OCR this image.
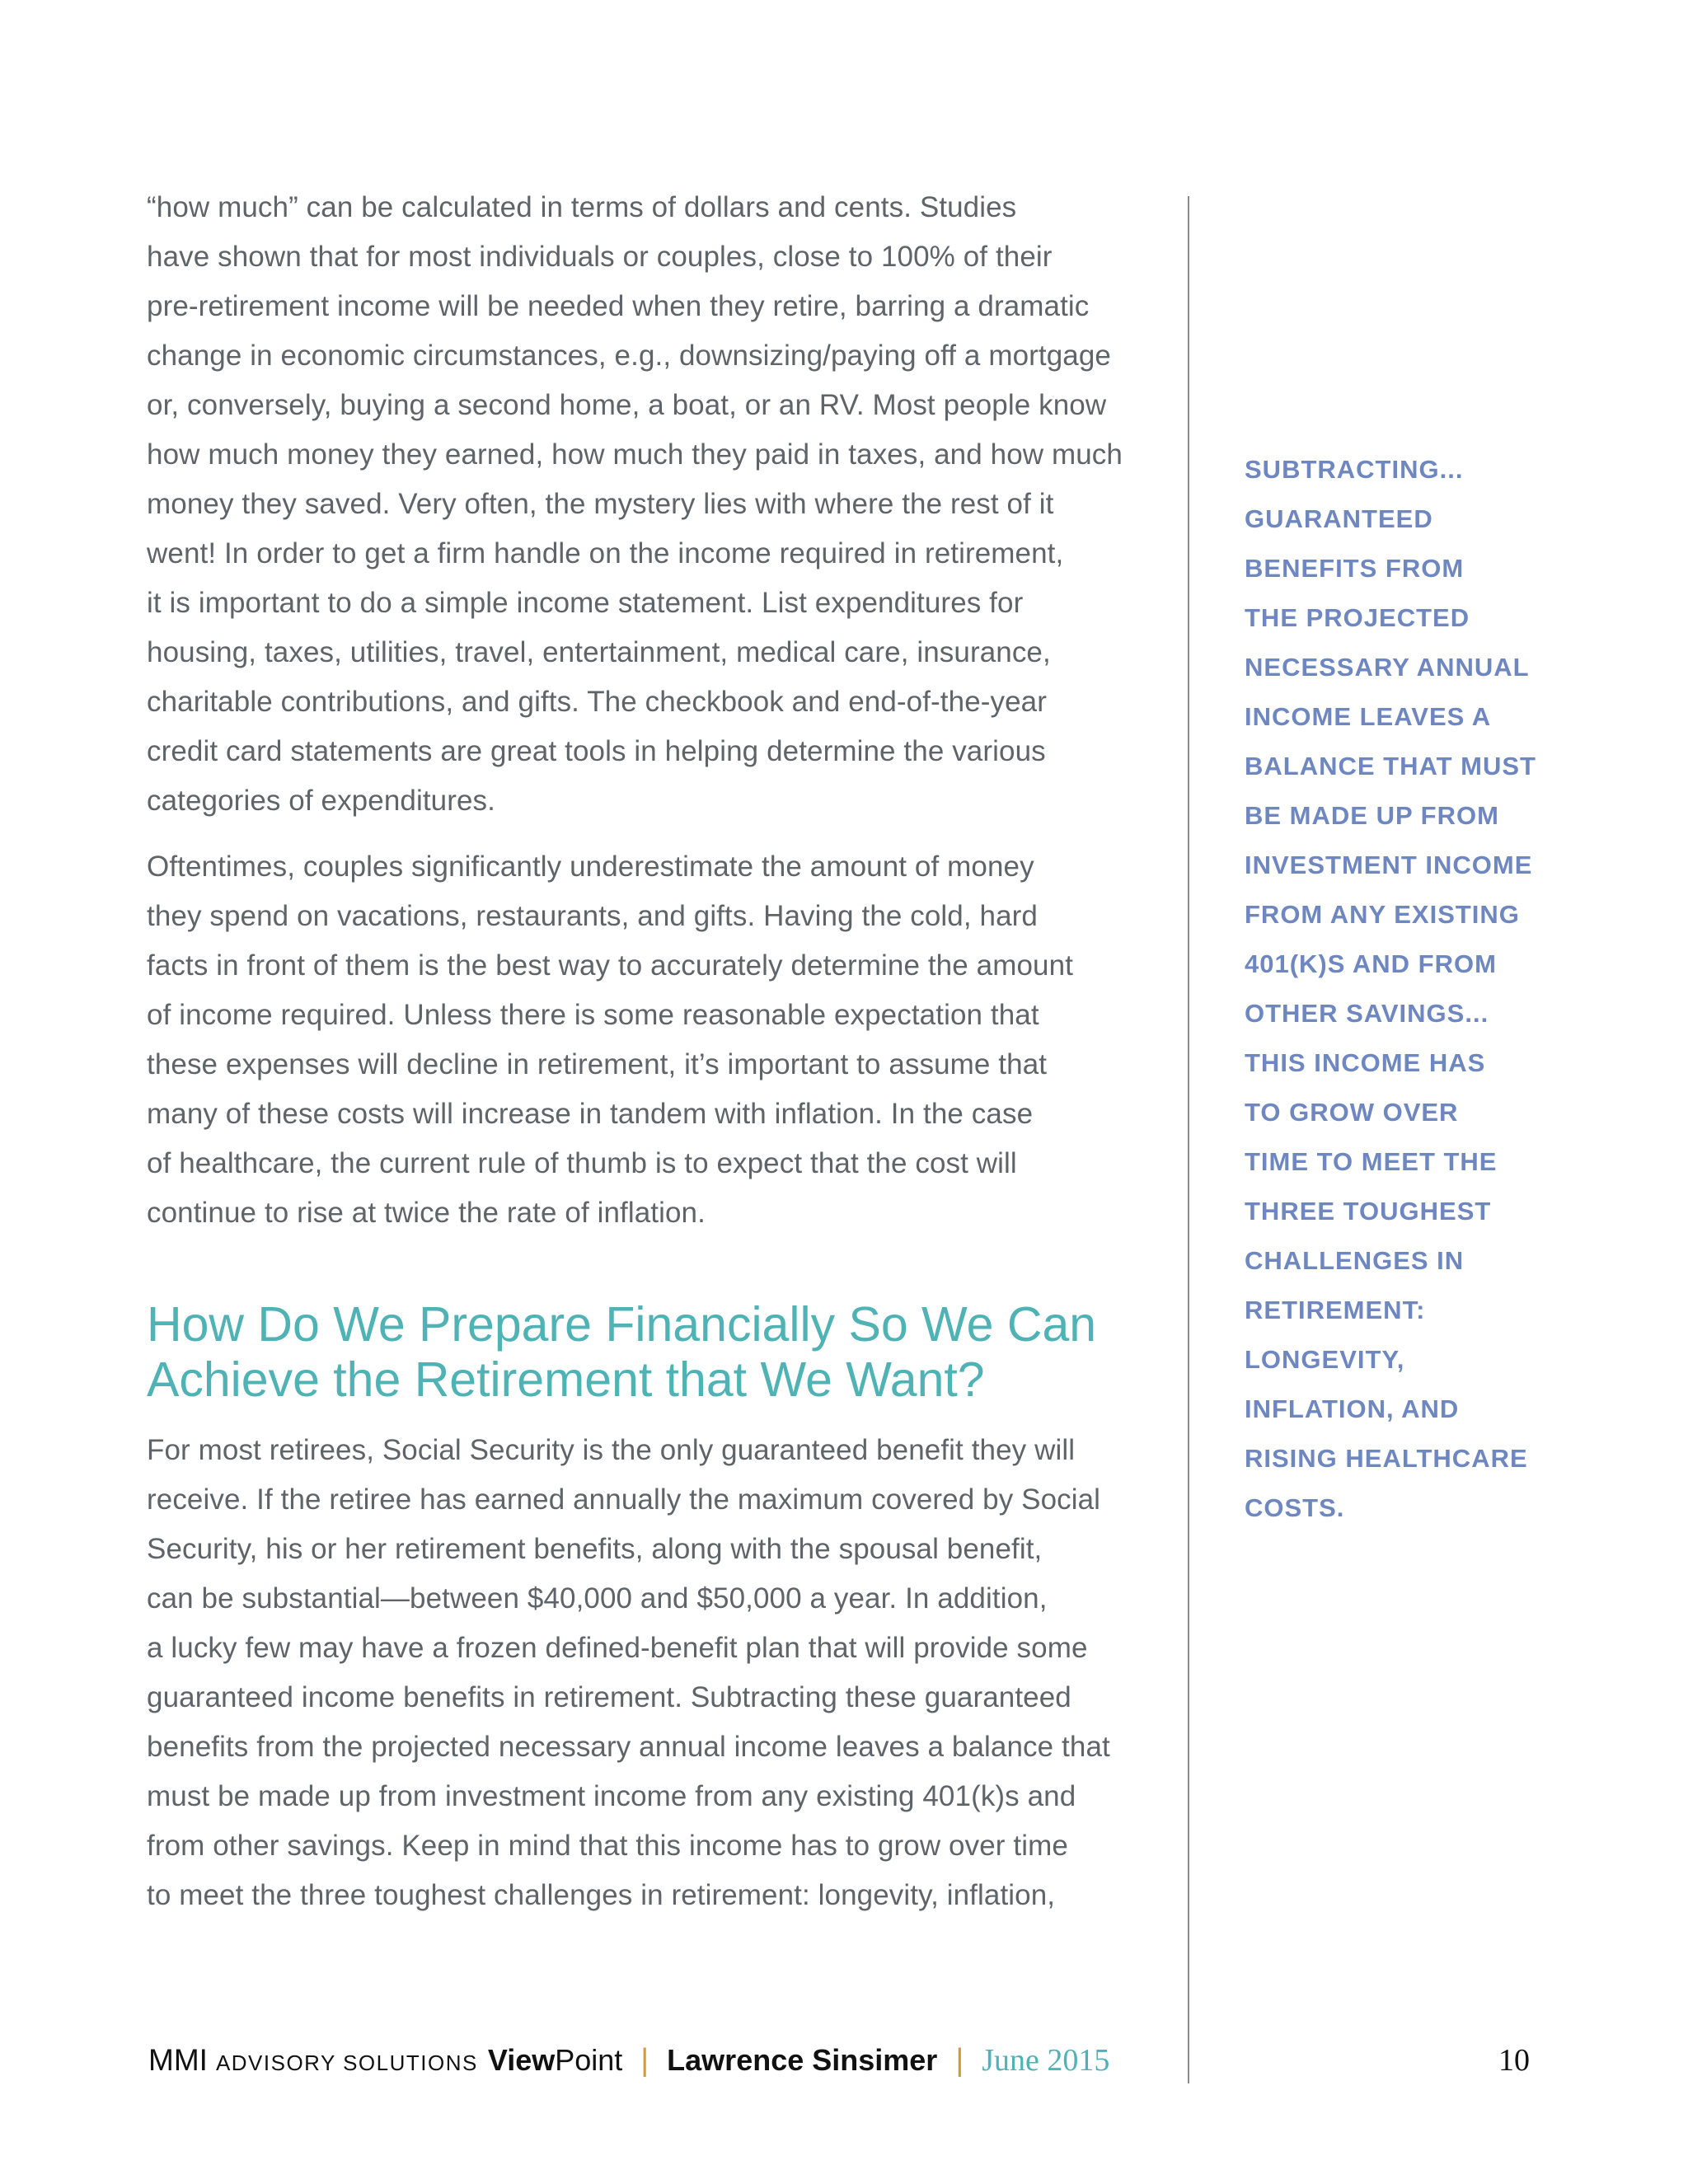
“how much” can be calculated in terms of dollars and cents. Studies
have shown that for most individuals or couples, close to 100% of their
pre-retirement income will be needed when they retire, barring a dramatic
change in economic circumstances, e.g., downsizing/paying off a mortgage
or, conversely, buying a second home, a boat, or an RV. Most people know
how much money they earned, how much they paid in taxes, and how much
money they saved. Very often, the mystery lies with where the rest of it
went! In order to get a firm handle on the income required in retirement,
it is important to do a simple income statement. List expenditures for
housing, taxes, utilities, travel, entertainment, medical care, insurance,
charitable contributions, and gifts. The checkbook and end-of-the-year
credit card statements are great tools in helping determine the various
categories of expenditures.

Oftentimes, couples significantly underestimate the amount of money
they spend on vacations, restaurants, and gifts. Having the cold, hard
facts in front of them is the best way to accurately determine the amount
of income required. Unless there is some reasonable expectation that
these expenses will decline in retirement, it’s important to assume that
many of these costs will increase in tandem with inflation. In the case
of healthcare, the current rule of thumb is to expect that the cost will
continue to rise at twice the rate of inflation.

How Do We Prepare Financially So We Can
Achieve the Retirement that We Want?

For most retirees, Social Security is the only guaranteed benefit they will
receive. If the retiree has earned annually the maximum covered by Social
Security, his or her retirement benefits, along with the spousal benefit,
can be substantial—between $40,000 and $50,000 a year. In addition,
a lucky few may have a frozen defined-benefit plan that will provide some
guaranteed income benefits in retirement. Subtracting these guaranteed
benefits from the projected necessary annual income leaves a balance that
must be made up from investment income from any existing 401(k)s and
from other savings. Keep in mind that this income has to grow over time
to meet the three toughest challenges in retirement: longevity, inflation,

SUBTRACTING...
GUARANTEED
BENEFITS FROM
THE PROJECTED
NECESSARY ANNUAL
INCOME LEAVES A
BALANCE THAT MUST
BE MADE UP FROM
INVESTMENT INCOME
FROM ANY EXISTING
401(K)S AND FROM
OTHER SAVINGS...
THIS INCOME HAS
TO GROW OVER
TIME TO MEET THE
THREE TOUGHEST
CHALLENGES IN
RETIREMENT:
LONGEVITY,
INFLATION, AND
RISING HEALTHCARE
COSTS.
MMI ADVISORY SOLUTIONS View Point | Lawrence Sinsimer | June 2015	10
